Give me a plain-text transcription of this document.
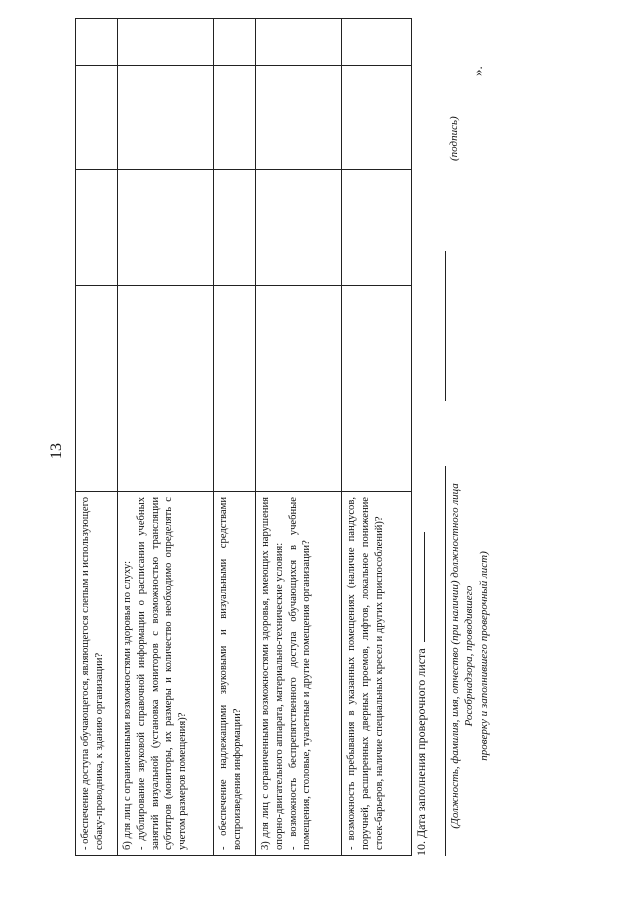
13
- обеспечение доступа обучающегося, являющегося слепым и использующего собаку-проводника, к зданию организации?				

б) для лиц с ограниченными возможностями здоровья по слуху: - дублирование звуковой справочной информации о расписании учебных занятий визуальной (установка мониторов с возможностью трансляции субтитров (мониторы, их размеры и количество необходимо определять с учетом размеров помещения)?				

- обеспечение надлежащими звуковыми и визуальными средствами воспроизведения информации?				

3) для лиц с ограниченными возможностями здоровья, имеющих нарушения опорно-двигательного аппарата, материально-технические условия: - возможность беспрепятственного доступа обучающихся в учебные помещения, столовые, туалетные и другие помещения организации?				

- возможность пребывания в указанных помещениях (наличие пандусов, поручней, расширенных дверных проемов, лифтов, локальное понижение стоек-барьеров, наличие специальных кресел и других приспособлений)?				
				10. Дата заполнения проверочного листа (Должность, фамилия, имя, отчество (при наличии) должностного лица Рособрнадзора, проводившего проверку и заполнившего проверочный лист)
(подпись)
».
